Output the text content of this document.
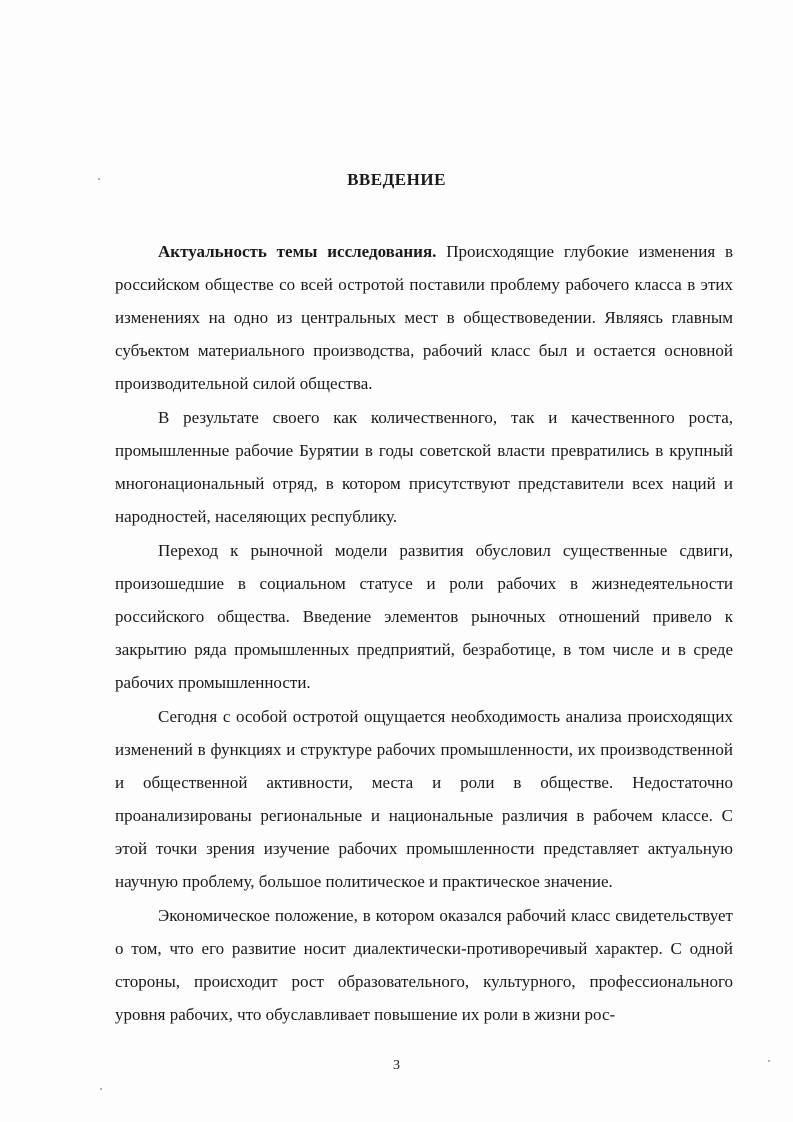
ВВЕДЕНИЕ

Актуальность темы исследования. Происходящие глубокие изменения в российском обществе со всей остротой поставили проблему рабочего класса в этих изменениях на одно из центральных мест в обществоведении. Являясь главным субъектом материального производства, рабочий класс был и остается основной производительной силой общества.

В результате своего как количественного, так и качественного роста, промышленные рабочие Бурятии в годы советской власти превратились в крупный многонациональный отряд, в котором присутствуют представители всех наций и народностей, населяющих республику.

Переход к рыночной модели развития обусловил существенные сдвиги, произошедшие в социальном статусе и роли рабочих в жизнедеятельности российского общества. Введение элементов рыночных отношений привело к закрытию ряда промышленных предприятий, безработице, в том числе и в среде рабочих промышленности.

Сегодня с особой остротой ощущается необходимость анализа происходящих изменений в функциях и структуре рабочих промышленности, их производственной и общественной активности, места и роли в обществе. Недостаточно проанализированы региональные и национальные различия в рабочем классе. С этой точки зрения изучение рабочих промышленности представляет актуальную научную проблему, большое политическое и практическое значение.

Экономическое положение, в котором оказался рабочий класс свидетельствует о том, что его развитие носит диалектически-противоречивый характер. С одной стороны, происходит рост образовательного, культурного, профессионального уровня рабочих, что обуславливает повышение их роли в жизни рос-

3
